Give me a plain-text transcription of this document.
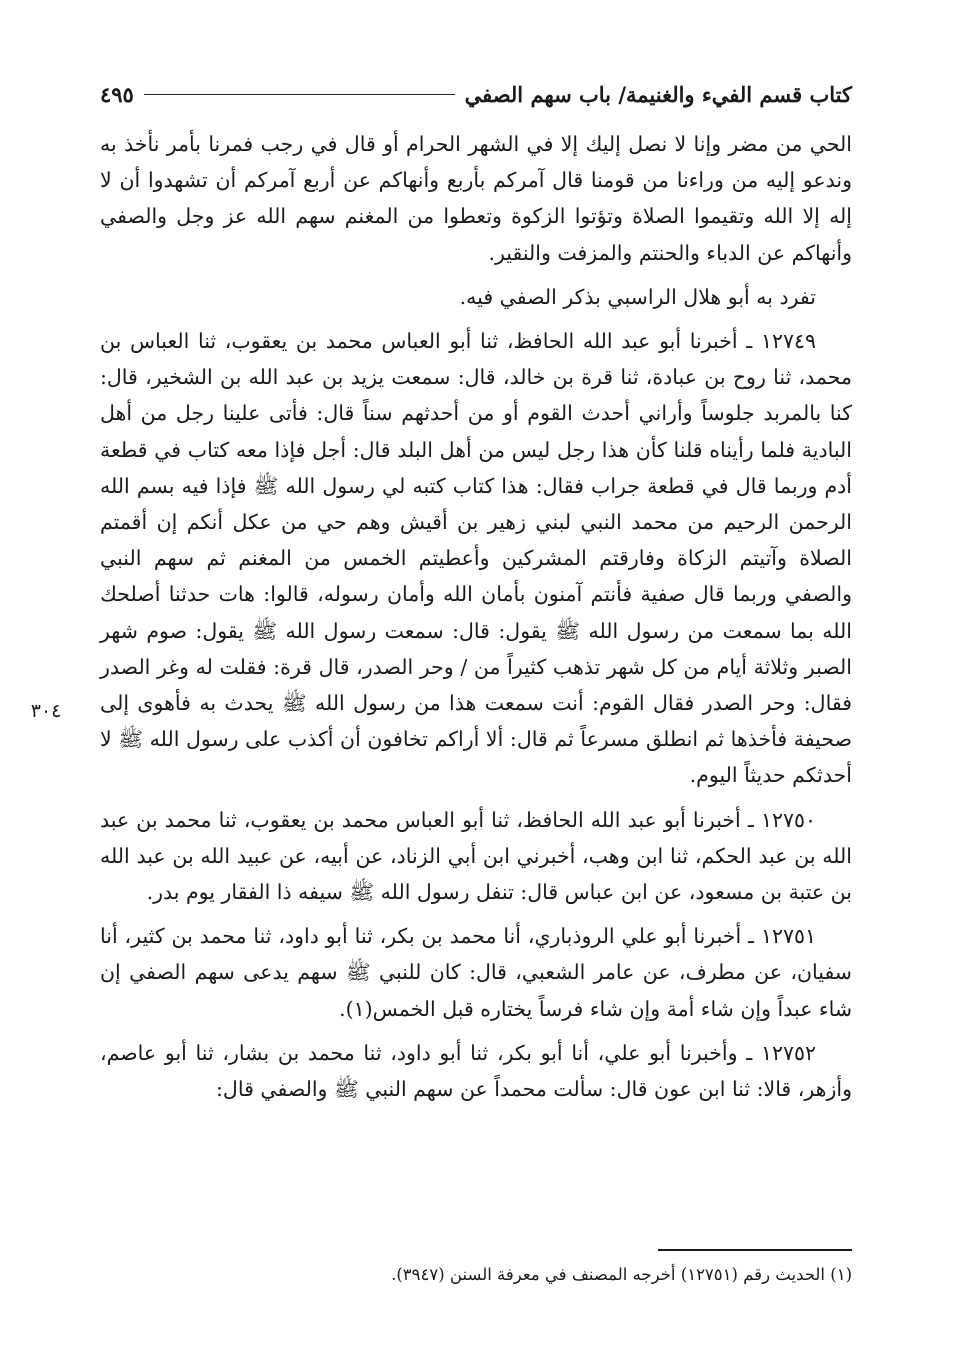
كتاب قسم الفيء والغنيمة/ باب سهم الصفي
٤٩٥

الحي من مضر وإنا لا نصل إليك إلا في الشهر الحرام أو قال في رجب فمرنا بأمر نأخذ به وندعو إليه من وراءنا من قومنا قال آمركم بأربع وأنهاكم عن أربع آمركم أن تشهدوا أن لا إله إلا الله وتقيموا الصلاة وتؤتوا الزكوة وتعطوا من المغنم سهم الله عز وجل والصفي وأنهاكم عن الدباء والحنتم والمزفت والنقير.

تفرد به أبو هلال الراسبي بذكر الصفي فيه.

١٢٧٤٩ ـ أخبرنا أبو عبد الله الحافظ، ثنا أبو العباس محمد بن يعقوب، ثنا العباس بن محمد، ثنا روح بن عبادة، ثنا قرة بن خالد، قال: سمعت يزيد بن عبد الله بن الشخير، قال: كنا بالمربد جلوساً وأراني أحدث القوم أو من أحدثهم سناً قال: فأتى علينا رجل من أهل البادية فلما رأيناه قلنا كأن هذا رجل ليس من أهل البلد قال: أجل فإذا معه كتاب في قطعة أدم وربما قال في قطعة جراب فقال: هذا كتاب كتبه لي رسول الله ﷺ فإذا فيه بسم الله الرحمن الرحيم من محمد النبي لبني زهير بن أقيش وهم حي من عكل أنكم إن أقمتم الصلاة وآتيتم الزكاة وفارقتم المشركين وأعطيتم الخمس من المغنم ثم سهم النبي والصفي وربما قال صفية فأنتم آمنون بأمان الله وأمان رسوله، قالوا: هات حدثنا أصلحك الله بما سمعت من رسول الله ﷺ يقول: قال: سمعت رسول الله ﷺ يقول: صوم شهر الصبر وثلاثة أيام من كل شهر تذهب كثيراً من / وحر الصدر، قال قرة: فقلت له وغر الصدر فقال: وحر الصدر فقال القوم: أنت سمعت هذا من رسول الله ﷺ يحدث به فأهوى إلى صحيفة فأخذها ثم انطلق مسرعاً ثم قال: ألا أراكم تخافون أن أكذب على رسول الله ﷺ لا أحدثكم حديثاً اليوم.

١٢٧٥٠ ـ أخبرنا أبو عبد الله الحافظ، ثنا أبو العباس محمد بن يعقوب، ثنا محمد بن عبد الله بن عبد الحكم، ثنا ابن وهب، أخبرني ابن أبي الزناد، عن أبيه، عن عبيد الله بن عبد الله بن عتبة بن مسعود، عن ابن عباس قال: تنفل رسول الله ﷺ سيفه ذا الفقار يوم بدر.

١٢٧٥١ ـ أخبرنا أبو علي الروذباري، أنا محمد بن بكر، ثنا أبو داود، ثنا محمد بن كثير، أنا سفيان، عن مطرف، عن عامر الشعبي، قال: كان للنبي ﷺ سهم يدعى سهم الصفي إن شاء عبداً وإن شاء أمة وإن شاء فرساً يختاره قبل الخمس(١).

١٢٧٥٢ ـ وأخبرنا أبو علي، أنا أبو بكر، ثنا أبو داود، ثنا محمد بن بشار، ثنا أبو عاصم، وأزهر، قالا: ثنا ابن عون قال: سألت محمداً عن سهم النبي ﷺ والصفي قال:

٣٠٤
(١) الحديث رقم (١٢٧٥١) أخرجه المصنف في معرفة السنن (٣٩٤٧).
